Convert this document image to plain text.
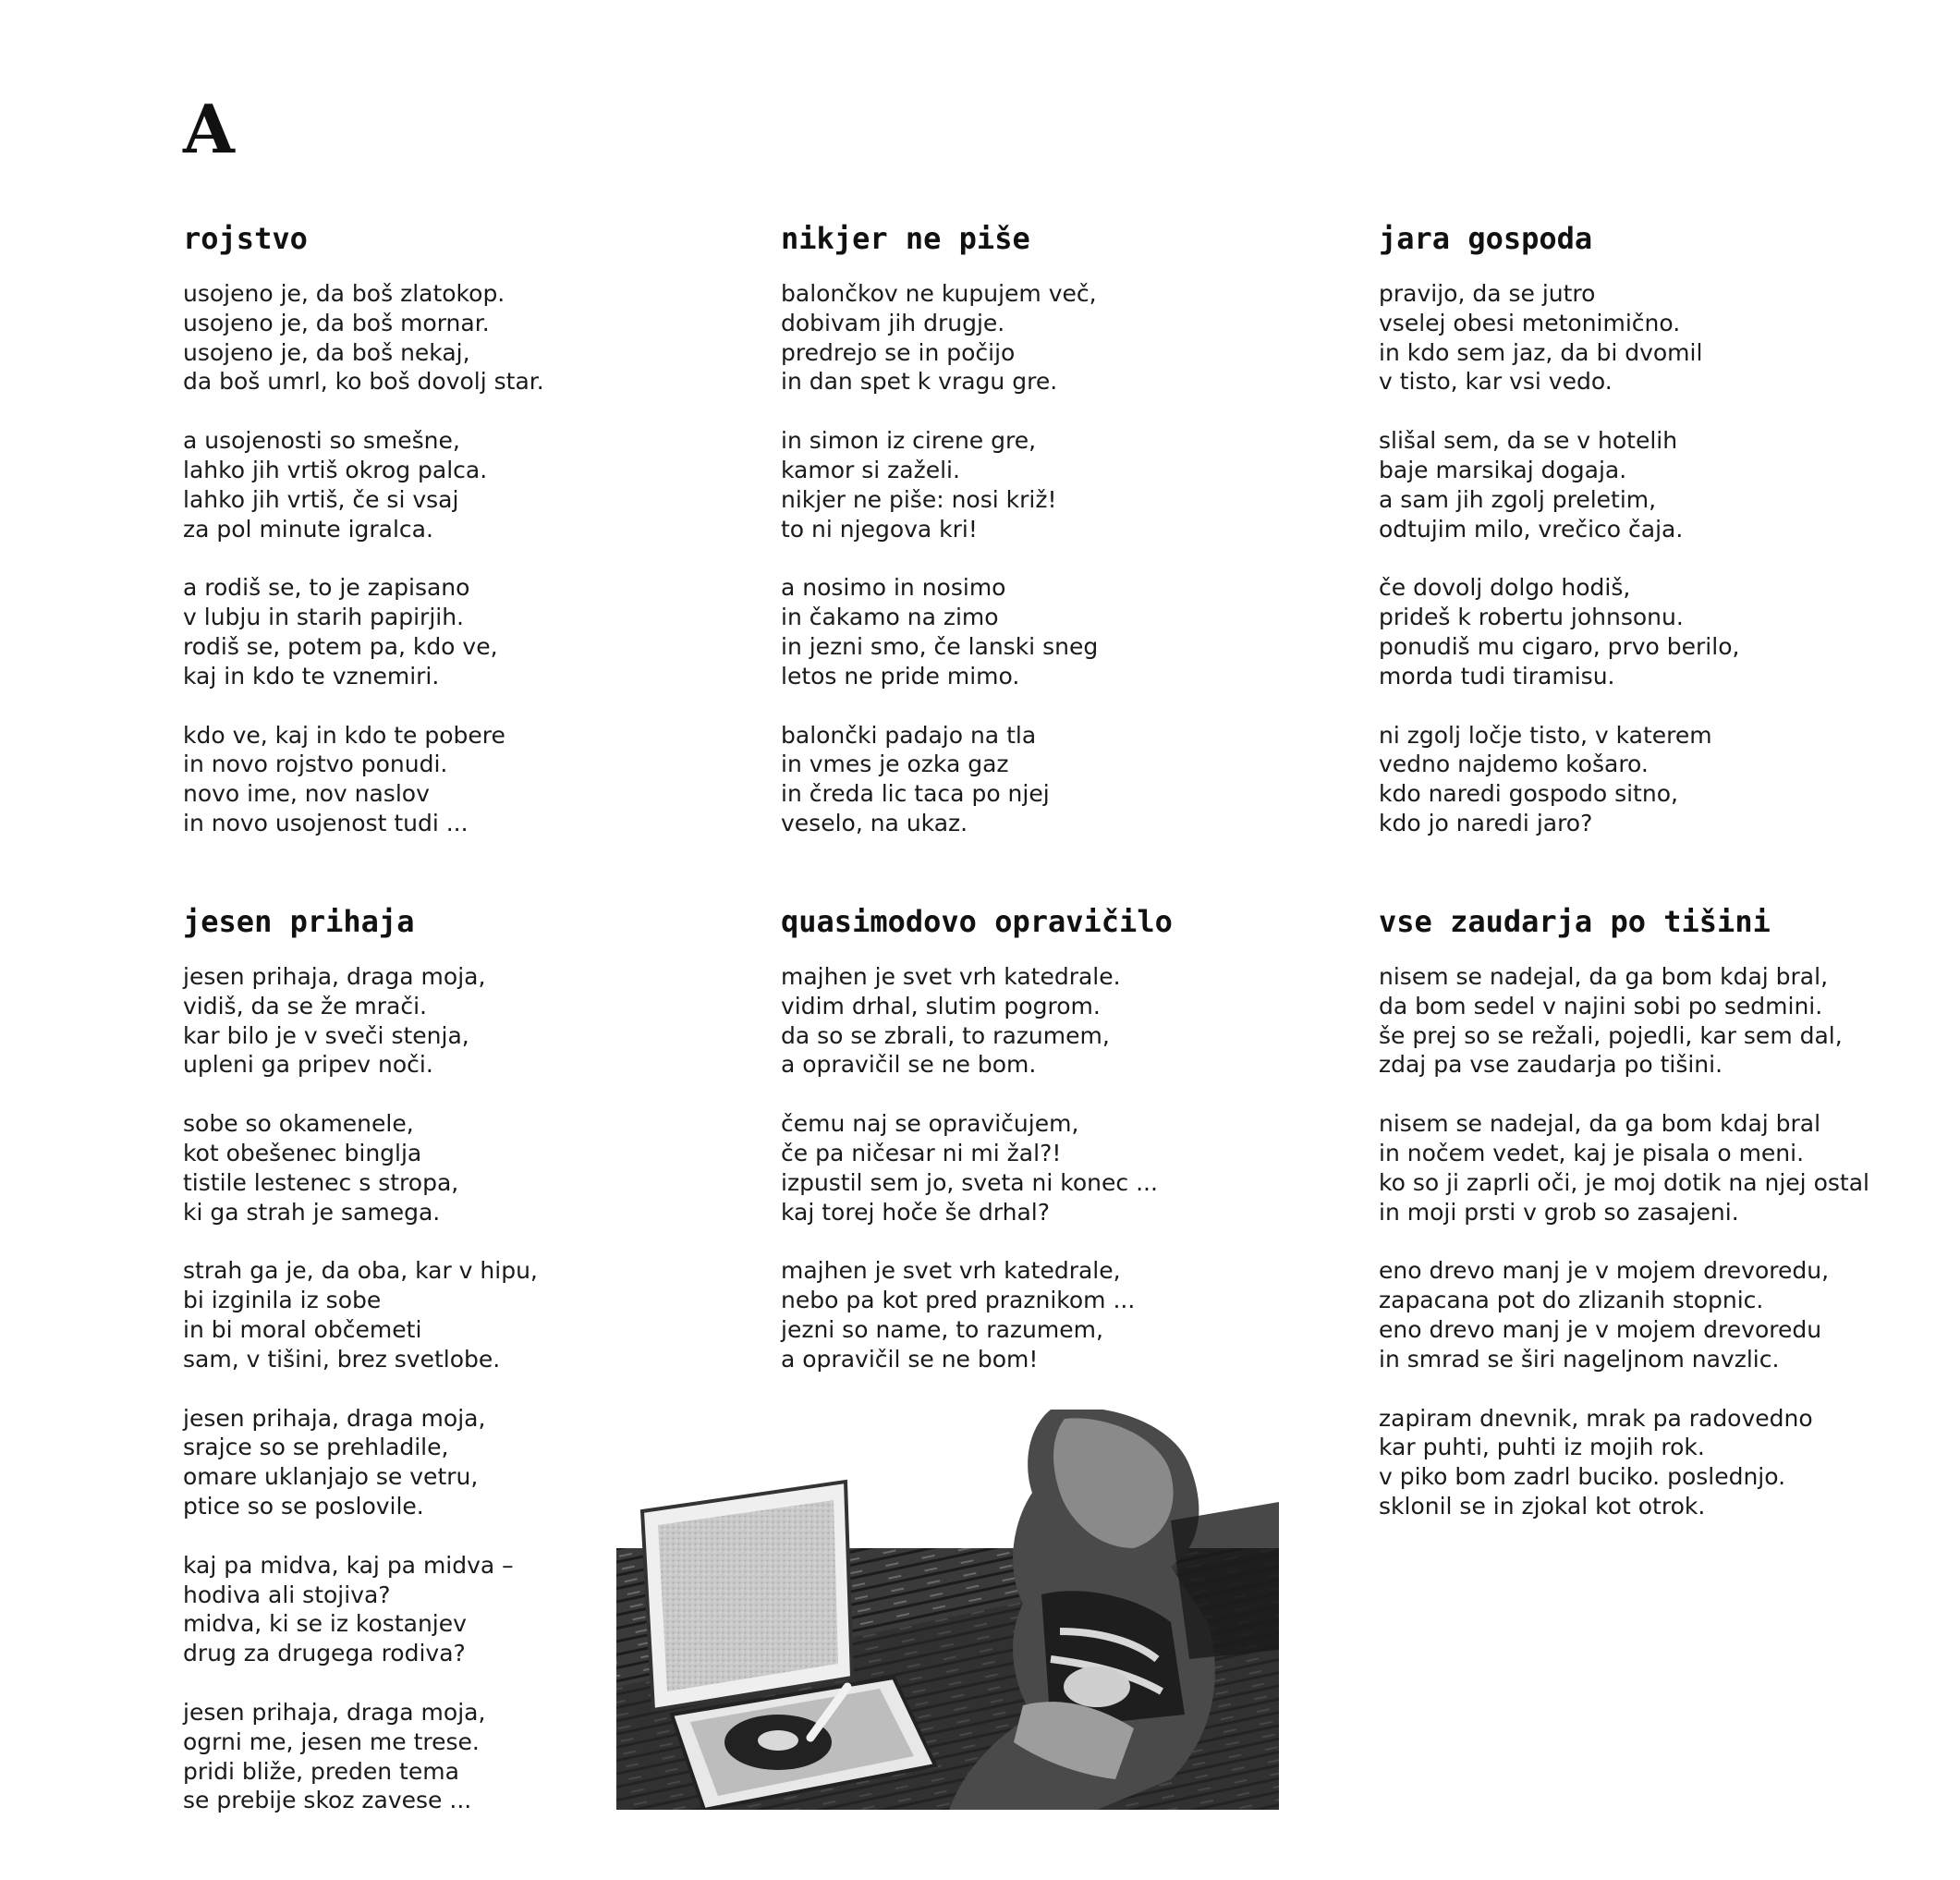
A
rojstvo
usojeno je, da boš zlatokop.
usojeno je, da boš mornar.
usojeno je, da boš nekaj,
da boš umrl, ko boš dovolj star.
a usojenosti so smešne,
lahko jih vrtiš okrog palca.
lahko jih vrtiš, če si vsaj
za pol minute igralca.
a rodiš se, to je zapisano
v lubju in starih papirjih.
rodiš se, potem pa, kdo ve,
kaj in kdo te vznemiri.
kdo ve, kaj in kdo te pobere
in novo rojstvo ponudi.
novo ime, nov naslov
in novo usojenost tudi ...
nikjer ne piše
balončkov ne kupujem več,
dobivam jih drugje.
predrejo se in počijo
in dan spet k vragu gre.
in simon iz cirene gre,
kamor si zaželi.
nikjer ne piše: nosi križ!
to ni njegova kri!
a nosimo in nosimo
in čakamo na zimo
in jezni smo, če lanski sneg
letos ne pride mimo.
balončki padajo na tla
in vmes je ozka gaz
in čreda lic taca po njej
veselo, na ukaz.
jara gospoda
pravijo, da se jutro
vselej obesi metonimično.
in kdo sem jaz, da bi dvomil
v tisto, kar vsi vedo.
slišal sem, da se v hotelih
baje marsikaj dogaja.
a sam jih zgolj preletim,
odtujim milo, vrečico čaja.
če dovolj dolgo hodiš,
prideš k robertu johnsonu.
ponudiš mu cigaro, prvo berilo,
morda tudi tiramisu.
ni zgolj ločje tisto, v katerem
vedno najdemo košaro.
kdo naredi gospodo sitno,
kdo jo naredi jaro?
jesen prihaja
jesen prihaja, draga moja,
vidiš, da se že mrači.
kar bilo je v sveči stenja,
upleni ga pripev noči.
sobe so okamenele,
kot obešenec binglja
tistile lestenec s stropa,
ki ga strah je samega.
strah ga je, da oba, kar v hipu,
bi izginila iz sobe
in bi moral občemeti
sam, v tišini, brez svetlobe.
jesen prihaja, draga moja,
srajce so se prehladile,
omare uklanjajo se vetru,
ptice so se poslovile.
kaj pa midva, kaj pa midva –
hodiva ali stojiva?
midva, ki se iz kostanjev
drug za drugega rodiva?
jesen prihaja, draga moja,
ogrni me, jesen me trese.
pridi bliže, preden tema
se prebije skoz zavese ...
quasimodovo opravičilo
majhen je svet vrh katedrale.
vidim drhal, slutim pogrom.
da so se zbrali, to razumem,
a opravičil se ne bom.
čemu naj se opravičujem,
če pa ničesar ni mi žal?!
izpustil sem jo, sveta ni konec ...
kaj torej hoče še drhal?
majhen je svet vrh katedrale,
nebo pa kot pred praznikom ...
jezni so name, to razumem,
a opravičil se ne bom!
vse zaudarja po tišini
nisem se nadejal, da ga bom kdaj bral,
da bom sedel v najini sobi po sedmini.
še prej so se režali, pojedli, kar sem dal,
zdaj pa vse zaudarja po tišini.
nisem se nadejal, da ga bom kdaj bral
in nočem vedet, kaj je pisala o meni.
ko so ji zaprli oči, je moj dotik na njej ostal
in moji prsti v grob so zasajeni.
eno drevo manj je v mojem drevoredu,
zapacana pot do zlizanih stopnic.
eno drevo manj je v mojem drevoredu
in smrad se širi nageljnom navzlic.
zapiram dnevnik, mrak pa radovedno
kar puhti, puhti iz mojih rok.
v piko bom zadrl buciko. poslednjo.
sklonil se in zjokal kot otrok.
